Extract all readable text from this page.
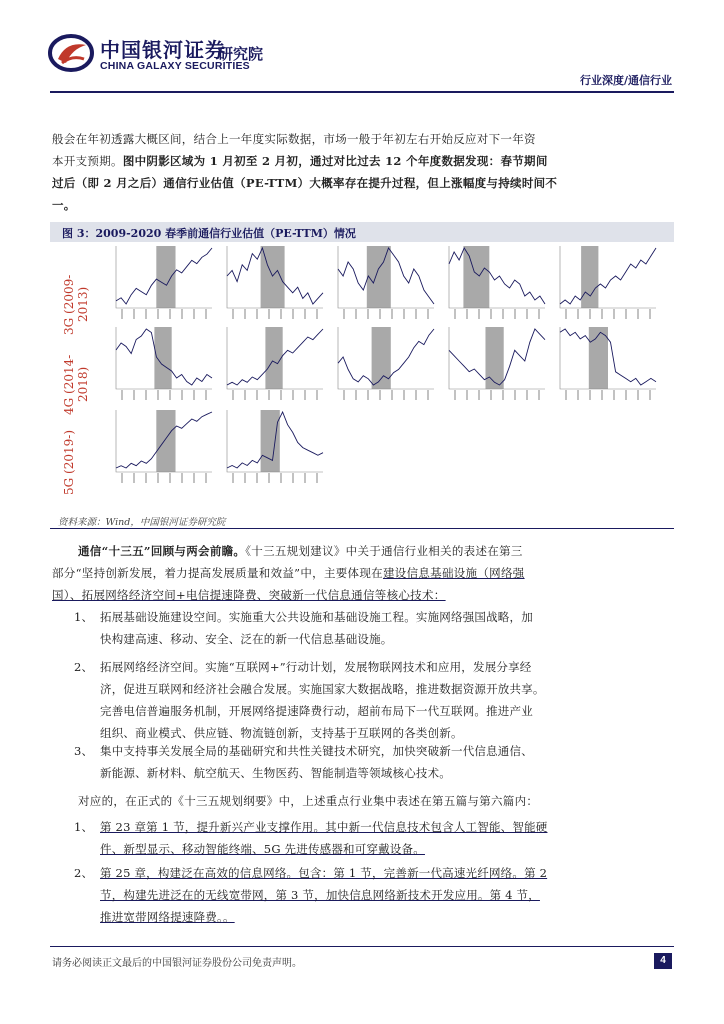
中国银河证券
CHINA GALAXY SECURITIES
研究院
行业深度/通信行业
般会在年初透露大概区间，结合上一年度实际数据，市场一般于年初左右开始反应对下一年资
本开支预期。图中阴影区域为 1 月初至 2 月初，通过对比过去 12 个年度数据发现：春节期间
过后（即 2 月之后）通信行业估值（PE-TTM）大概率存在提升过程，但上涨幅度与持续时间不
一。
图 3：2009-2020 春季前通信行业估值（PE-TTM）情况
3G (2009-2013)
4G (2014-2018)
5G (2019-)
资料来源：Wind，中国银河证券研究院
通信“十三五”回顾与两会前瞻。《十三五规划建议》中关于通信行业相关的表述在第三
部分“坚持创新发展，着力提高发展质量和效益”中，主要体现在建设信息基础设施（网络强
国）、拓展网络经济空间+电信提速降费、突破新一代信息通信等核心技术：
1、 拓展基础设施建设空间。实施重大公共设施和基础设施工程。实施网络强国战略，加
快构建高速、移动、安全、泛在的新一代信息基础设施。
2、 拓展网络经济空间。实施“互联网+”行动计划，发展物联网技术和应用，发展分享经
济，促进互联网和经济社会融合发展。实施国家大数据战略，推进数据资源开放共享。
完善电信普遍服务机制，开展网络提速降费行动，超前布局下一代互联网。推进产业
组织、商业模式、供应链、物流链创新，支持基于互联网的各类创新。
3、 集中支持事关发展全局的基础研究和共性关键技术研究，加快突破新一代信息通信、
新能源、新材料、航空航天、生物医药、智能制造等领域核心技术。
对应的，在正式的《十三五规划纲要》中，上述重点行业集中表述在第五篇与第六篇内：
1、 第 23 章第 1 节，提升新兴产业支撑作用。其中新一代信息技术包含人工智能、智能硬
件、新型显示、移动智能终端、5G 先进传感器和可穿戴设备。
2、 第 25 章，构建泛在高效的信息网络。包含：第 1 节，完善新一代高速光纤网络。第 2
节，构建先进泛在的无线宽带网，第 3 节，加快信息网络新技术开发应用。第 4 节，
推进宽带网络提速降费。。
请务必阅读正文最后的中国银河证券股份公司免责声明。	4
